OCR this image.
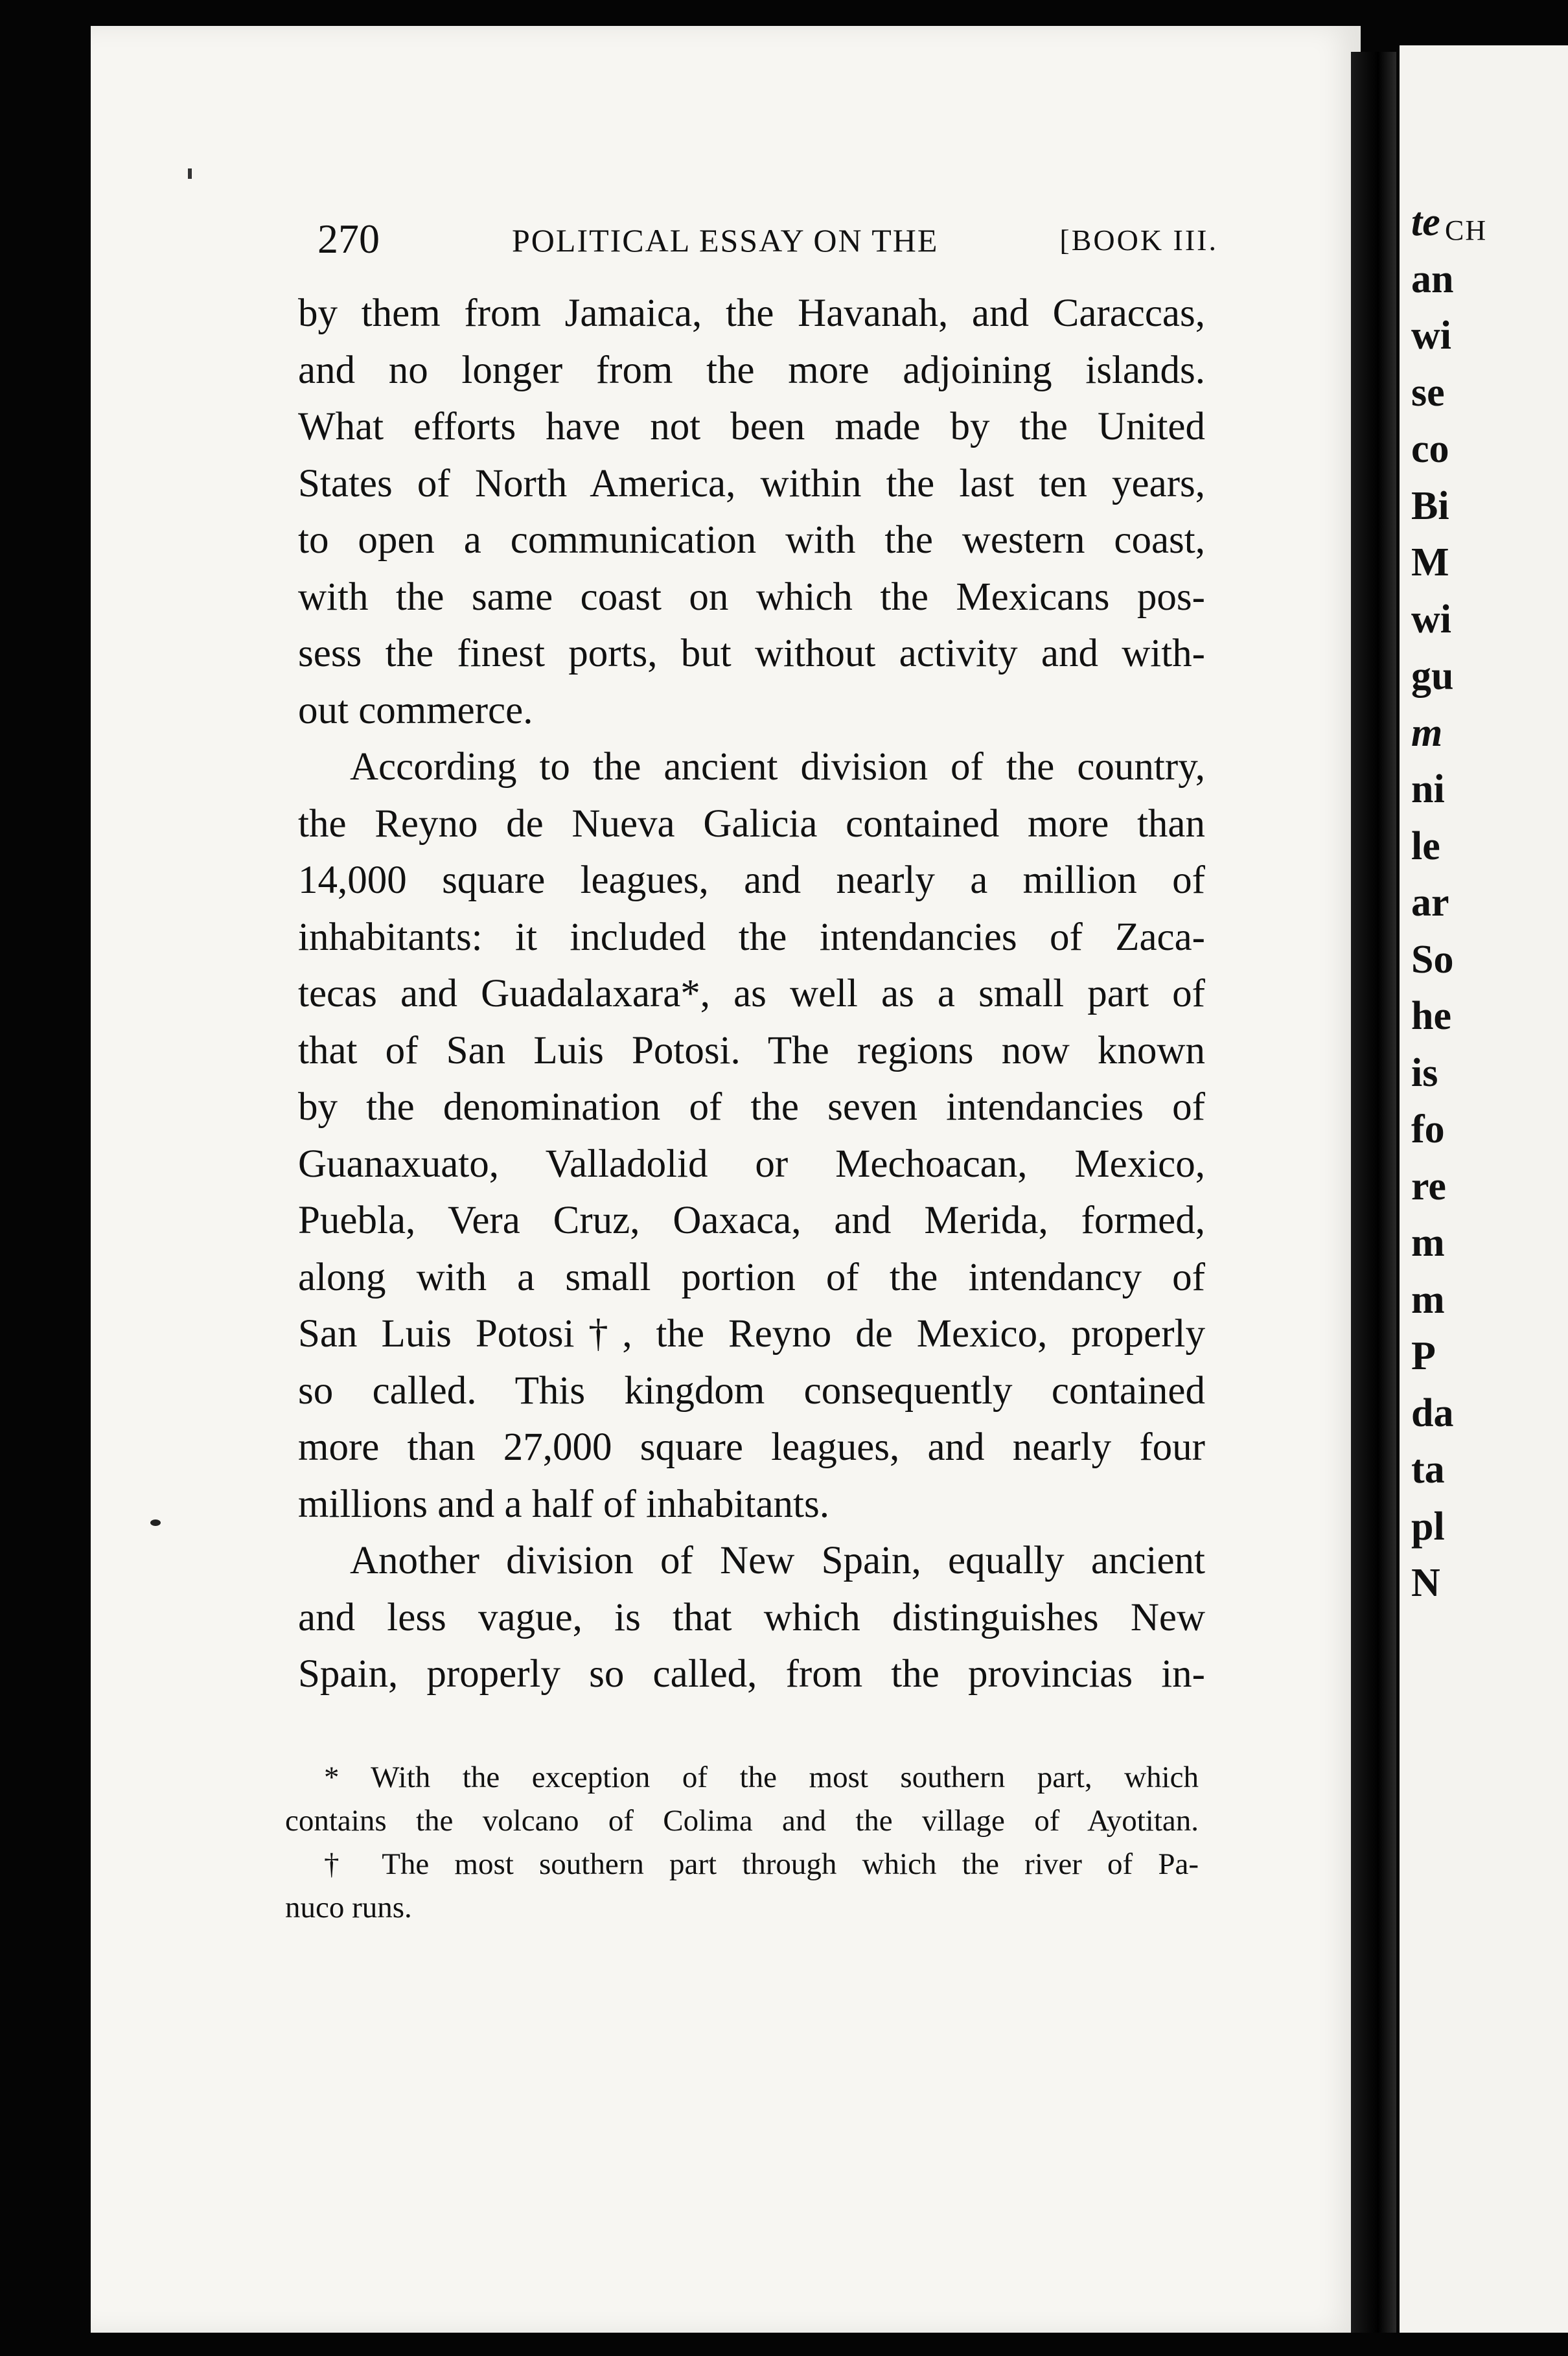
270	POLITICAL ESSAY ON THE	[BOOK III.
by them from Jamaica, the Havanah, and Caraccas,
and no longer from the more adjoining islands.
What efforts have not been made by the United
States of North America, within the last ten years,
to open a communication with the western coast,
with the same coast on which the Mexicans pos-
sess the finest ports, but without activity and with-
out commerce.
According to the ancient division of the country,
the Reyno de Nueva Galicia contained more than
14,000 square leagues, and nearly a million of
inhabitants: it included the intendancies of Zaca-
tecas and Guadalaxara*, as well as a small part of
that of San Luis Potosi. The regions now known
by the denomination of the seven intendancies of
Guanaxuato, Valladolid or Mechoacan, Mexico,
Puebla, Vera Cruz, Oaxaca, and Merida, formed,
along with a small portion of the intendancy of
San Luis Potosi†, the Reyno de Mexico, properly
so called. This kingdom consequently contained
more than 27,000 square leagues, and nearly four
millions and a half of inhabitants.
Another division of New Spain, equally ancient
and less vague, is that which distinguishes New
Spain, properly so called, from the provincias in-
* With the exception of the most southern part, which
contains the volcano of Colima and the village of Ayotitan.
† The most southern part through which the river of Pa-
nuco runs.
CH
te
an
wi
se
co
Bi
M
wi
gu
m
ni
le
ar
So
he
is
fo
re
m
m
P
da
ta
pl
N
